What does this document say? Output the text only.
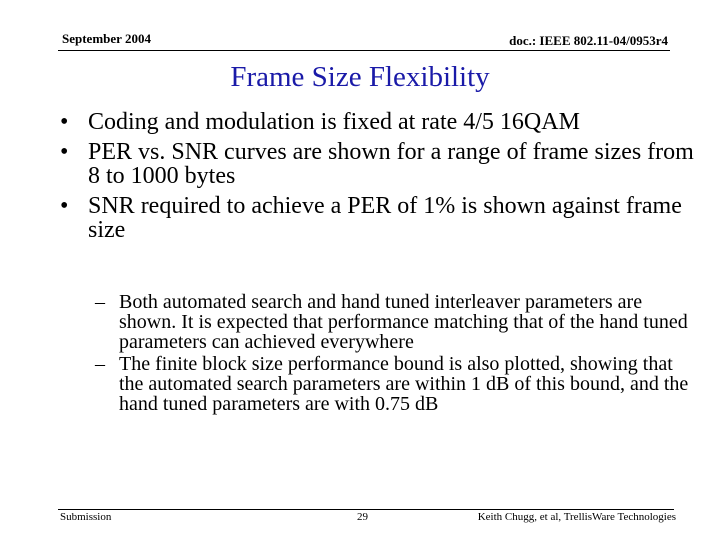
September 2004	doc.: IEEE 802.11-04/0953r4
Frame Size Flexibility
• Coding and modulation is fixed at rate 4/5 16QAM
• PER vs. SNR curves are shown for a range of frame sizes from 8 to 1000 bytes
• SNR required to achieve a PER of 1% is shown against frame size
– Both automated search and hand tuned interleaver parameters are shown. It is expected that performance matching that of the hand tuned parameters can achieved everywhere
– The finite block size performance bound is also plotted, showing that the automated search parameters are within 1 dB of this bound, and the hand tuned parameters are with 0.75 dB
Submission	29	Keith Chugg, et al, TrellisWare Technologies
